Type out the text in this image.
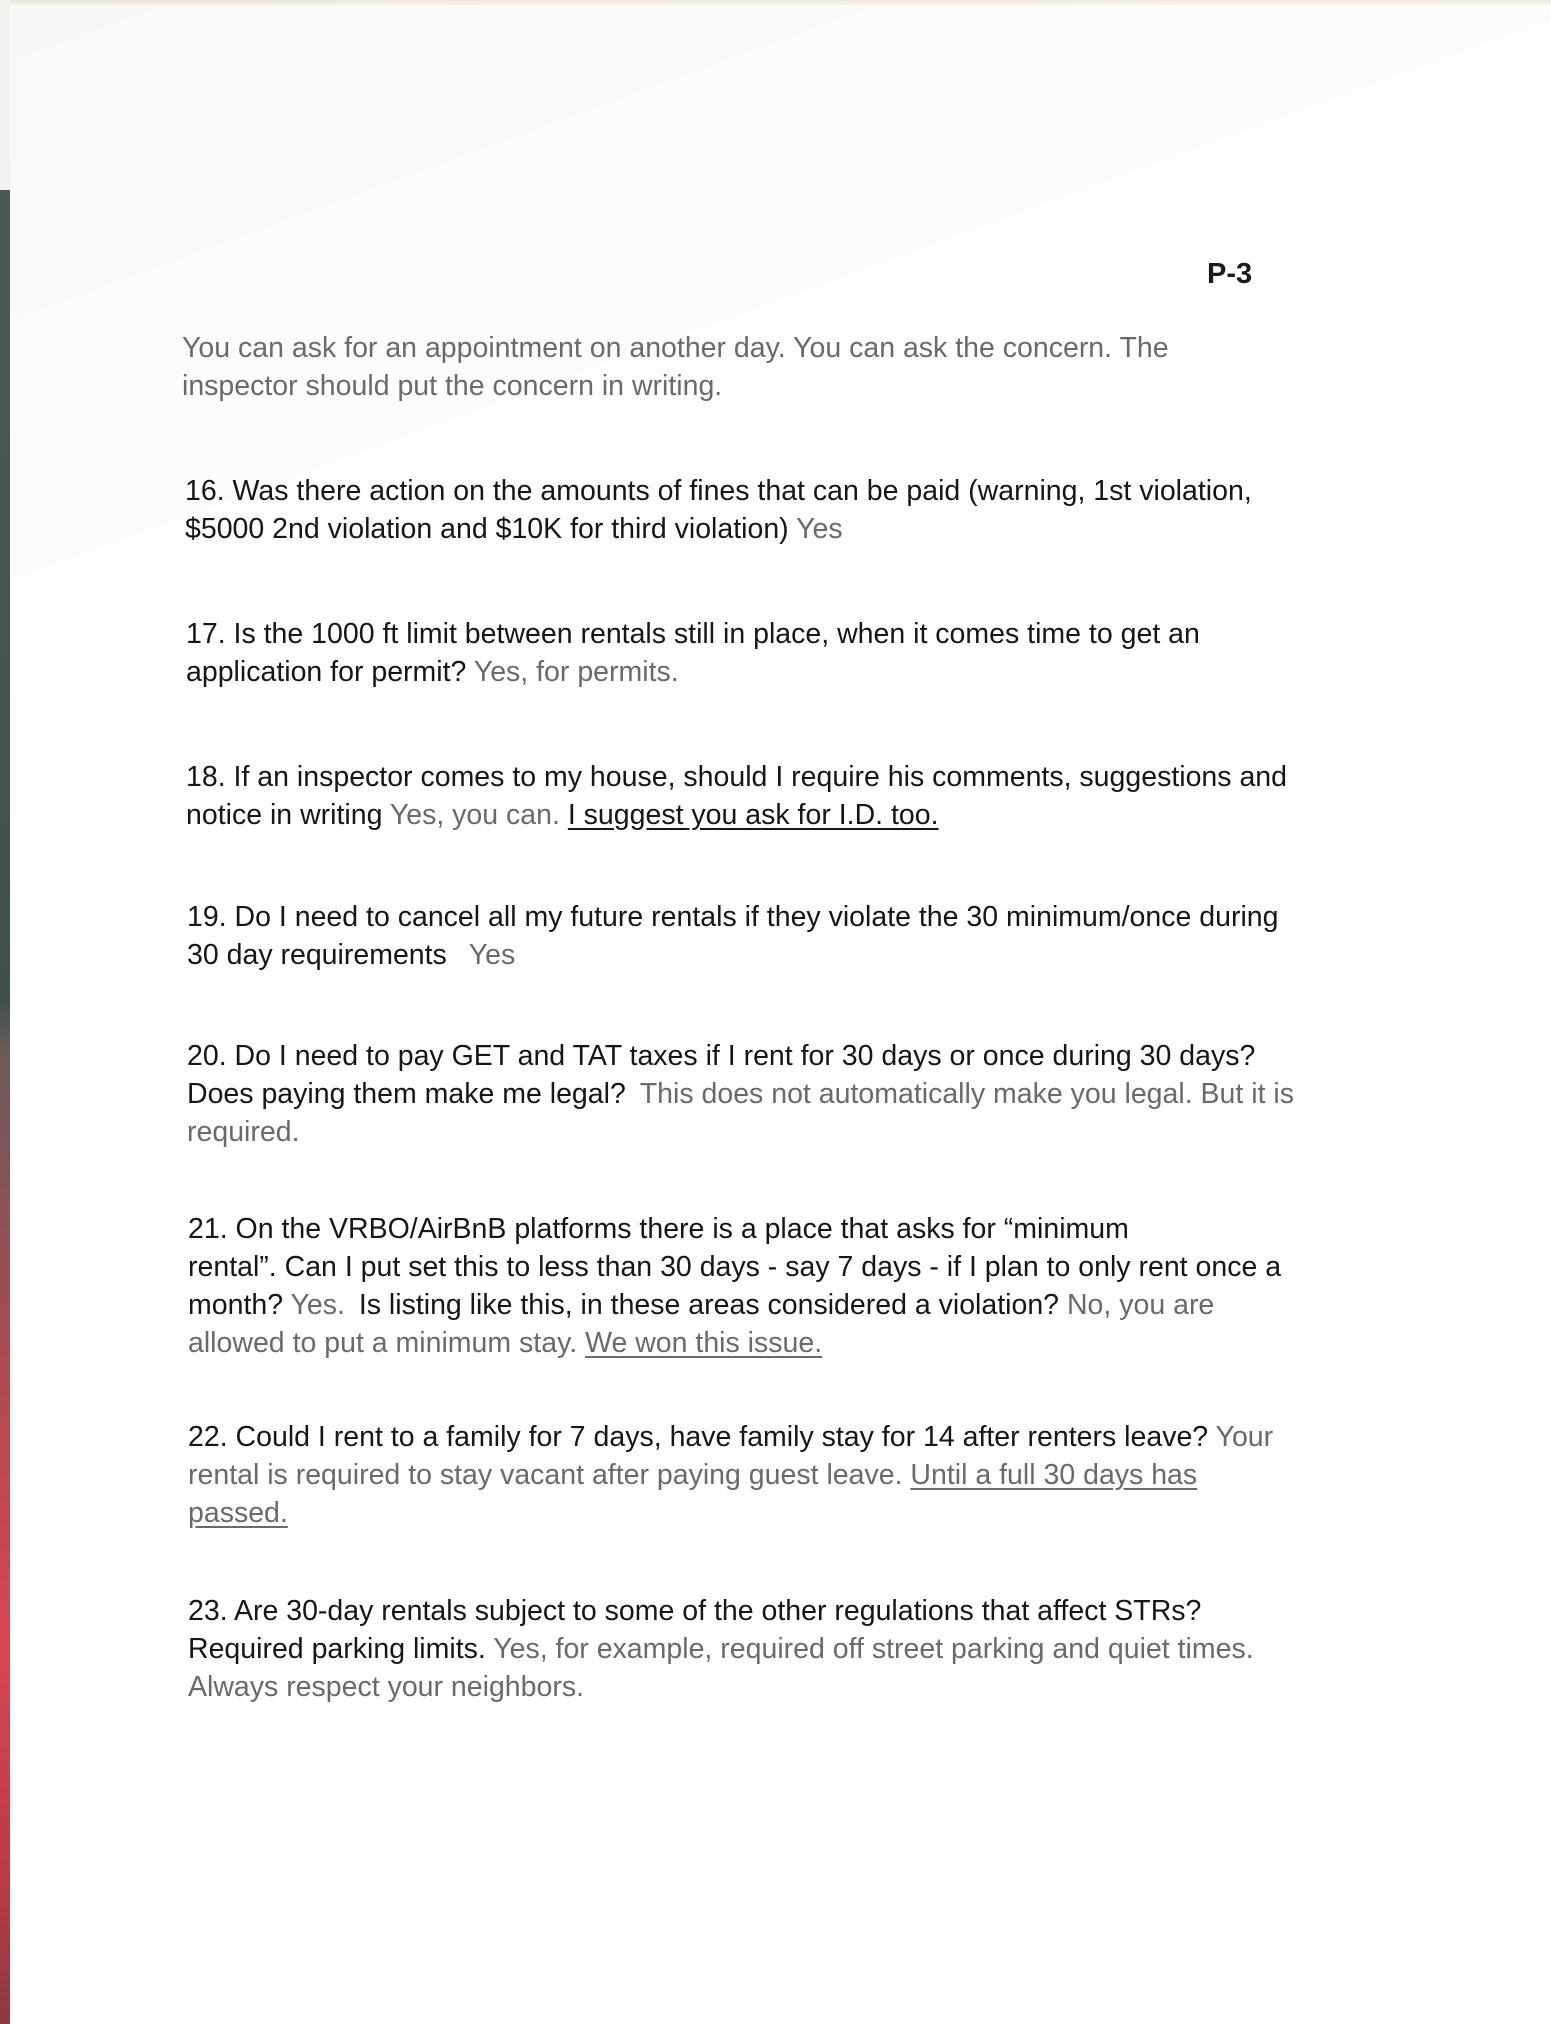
P-3
You can ask for an appointment on another day. You can ask the concern. The
inspector should put the concern in writing.
16. Was there action on the amounts of fines that can be paid (warning, 1st violation,
$5000 2nd violation and $10K for third violation) Yes
17. Is the 1000 ft limit between rentals still in place, when it comes time to get an
application for permit? Yes, for permits.
18. If an inspector comes to my house, should I require his comments, suggestions and
notice in writing Yes, you can. I suggest you ask for I.D. too.
19. Do I need to cancel all my future rentals if they violate the 30 minimum/once during
30 day requirements Yes
20. Do I need to pay GET and TAT taxes if I rent for 30 days or once during 30 days?
Does paying them make me legal? This does not automatically make you legal. But it is
required.
21. On the VRBO/AirBnB platforms there is a place that asks for “minimum
rental”. Can I put set this to less than 30 days - say 7 days - if I plan to only rent once a
month? Yes. Is listing like this, in these areas considered a violation? No, you are
allowed to put a minimum stay. We won this issue.
22. Could I rent to a family for 7 days, have family stay for 14 after renters leave? Your
rental is required to stay vacant after paying guest leave. Until a full 30 days has
passed.
23. Are 30-day rentals subject to some of the other regulations that affect STRs?
Required parking limits. Yes, for example, required off street parking and quiet times.
Always respect your neighbors.
